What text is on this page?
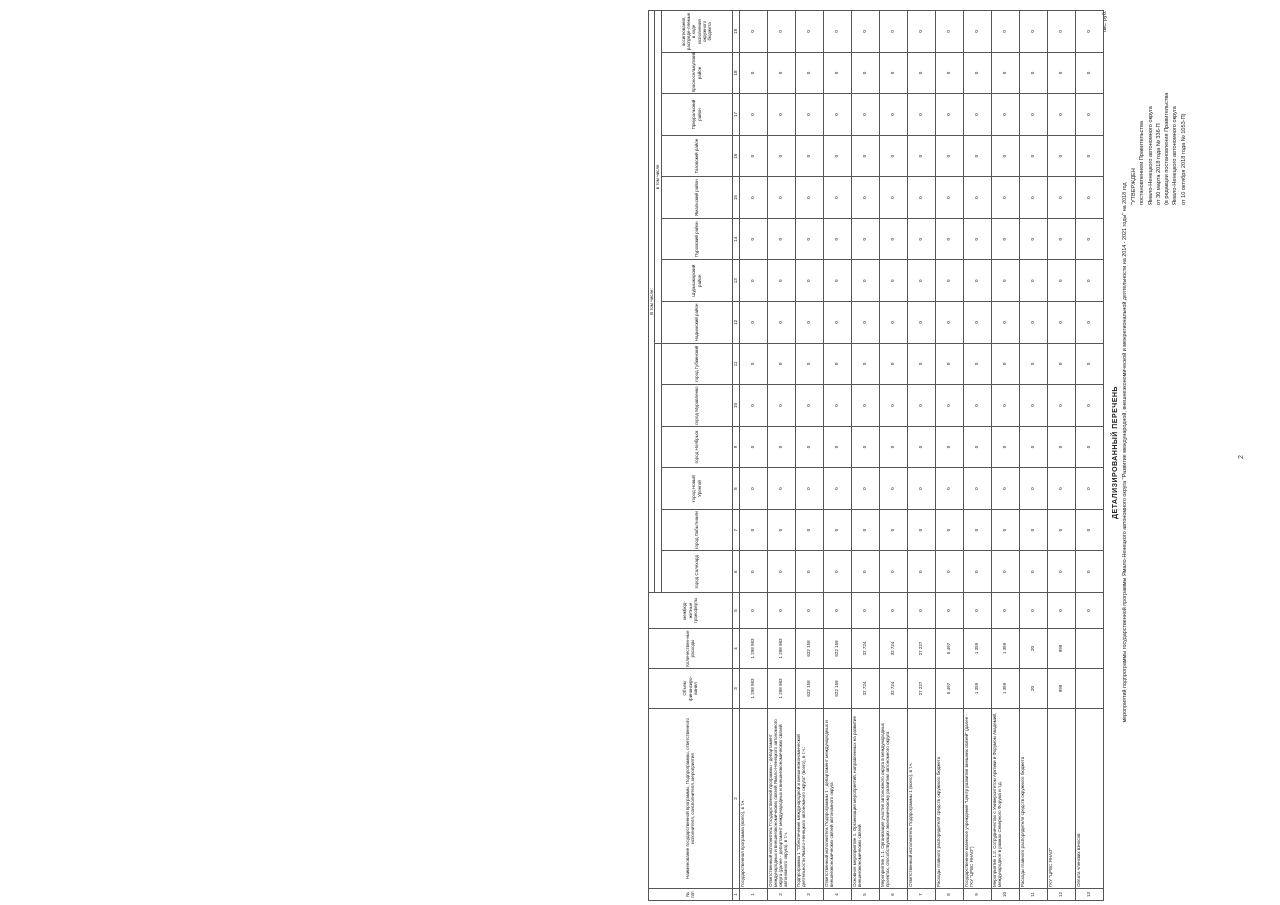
2
"УТВЕРЖДЕН постановлением Правительства Ямало-Ненецкого автономного округа от 30 марта 2018 года № 336-П (в редакции постановления Правительства Ямало-Ненецкого автономного округа от 10 октября 2018 года № 1053-П)
ДЕТАЛИЗИРОВАННЫЙ ПЕРЕЧЕНЬ мероприятий подпрограммы государственной программы Ямало-Ненецкого автономного округа "Развитие международной, внешнеэкономической и межрегиональной деятельности на 2014 - 2021 годы" на 2018 год
тыс. руб.
№ п/п	Наименование государственной программы, Подпрограммы, ответственного исполнителя, соисполнителя, мероприятия	Объем финансиро-вания	Количествен-ные расходы	межбюд-жетные трансферты	В том числе:													
											в том числе							
					город Салехард	город Лабытнанги	город Новый Уренгой	город Ноябрьск	город Муравленко	город Губкинский	Надымский район	Шурышкарский район	Пуровский район	Ямальский район	Тазовский район	Приуральский район	Красноселькупский район	ассигнования, распреде-ляемые в ходе исполнения окружного бюджета
1	2	3	4	5	6	7	8	9	10	11	12	13	14	15	16	17	18	19
1	Государственная программа (всего), в т.ч.	1 298 983	1 298 983	0	0	0	0	0	0	0	0	0	0	0	0	0	0	0
2	Ответственный исполнитель Государственной программы - департамент международных и внешнеэкономических связей Ямало-Ненецкого автономного округа (далее - департамент международных и внешнеэкономических связей автономного округа), в т.ч.	1 298 983	1 298 983	0	0	0	0	0	0	0	0	0	0	0	0	0	0	0
3	Подпрограмма 1 "Обеспечение международной и внешнеэкономической деятельности Ямало-Ненецкого автономного округа" (всего), в т.ч.:	622 158	622 158	0	0	0	0	0	0	0	0	0	0	0	0	0	0	0
4	Ответственный исполнитель Подпрограммы 1 - департамент международных и внешнеэкономических связей автономного округа	622 158	622 158	0	0	0	0	0	0	0	0	0	0	0	0	0	0	0
5	Основное мероприятие 1. Организация мероприятий, направленных на развитие внешнеэкономических связей	32 724	32 724	0	0	0	0	0	0	0	0	0	0	0	0	0	0	0
6	Мероприятие 1.1. Организация участия автономного округа в международных проектах, способствующих экономическому развитию автономного округа	32 724	32 724	0	0	0	0	0	0	0	0	0	0	0	0	0	0	0
7	Ответственный исполнитель Подпрограммы 1 (всего), в т.ч.	27 227	27 227	0	0	0	0	0	0	0	0	0	0	0	0	0	0	0
8	Расходы главного распорядителя средств окружного бюджета	5 497	5 497	0	0	0	0	0	0	0	0	0	0	0	0	0	0	0
9	Государственное казенное учреждение "Центр развития внешних связей" (далее - ГКУ "ЦРВС ЯНАО")	1 359	1 359	0	0	0	0	0	0	0	0	0	0	0	0	0	0	0
10	Мероприятие 1.2. Сотрудничество с Университетом Арктики и Форумом Академий, международное в рамках Северного Форума и т.д.	1 359	1 359	0	0	0	0	0	0	0	0	0	0	0	0	0	0	0
11	Расходы главного распорядителя средств окружного бюджета	20	20	0	0	0	0	0	0	0	0	0	0	0	0	0	0	0
12	ГКУ "ЦРВС ЯНАО"	999	999	0	0	0	0	0	0	0	0	0	0	0	0	0	0	0
13	Оплата членских взносов			0	0	0	0	0	0	0	0	0	0	0	0	0	0	0
